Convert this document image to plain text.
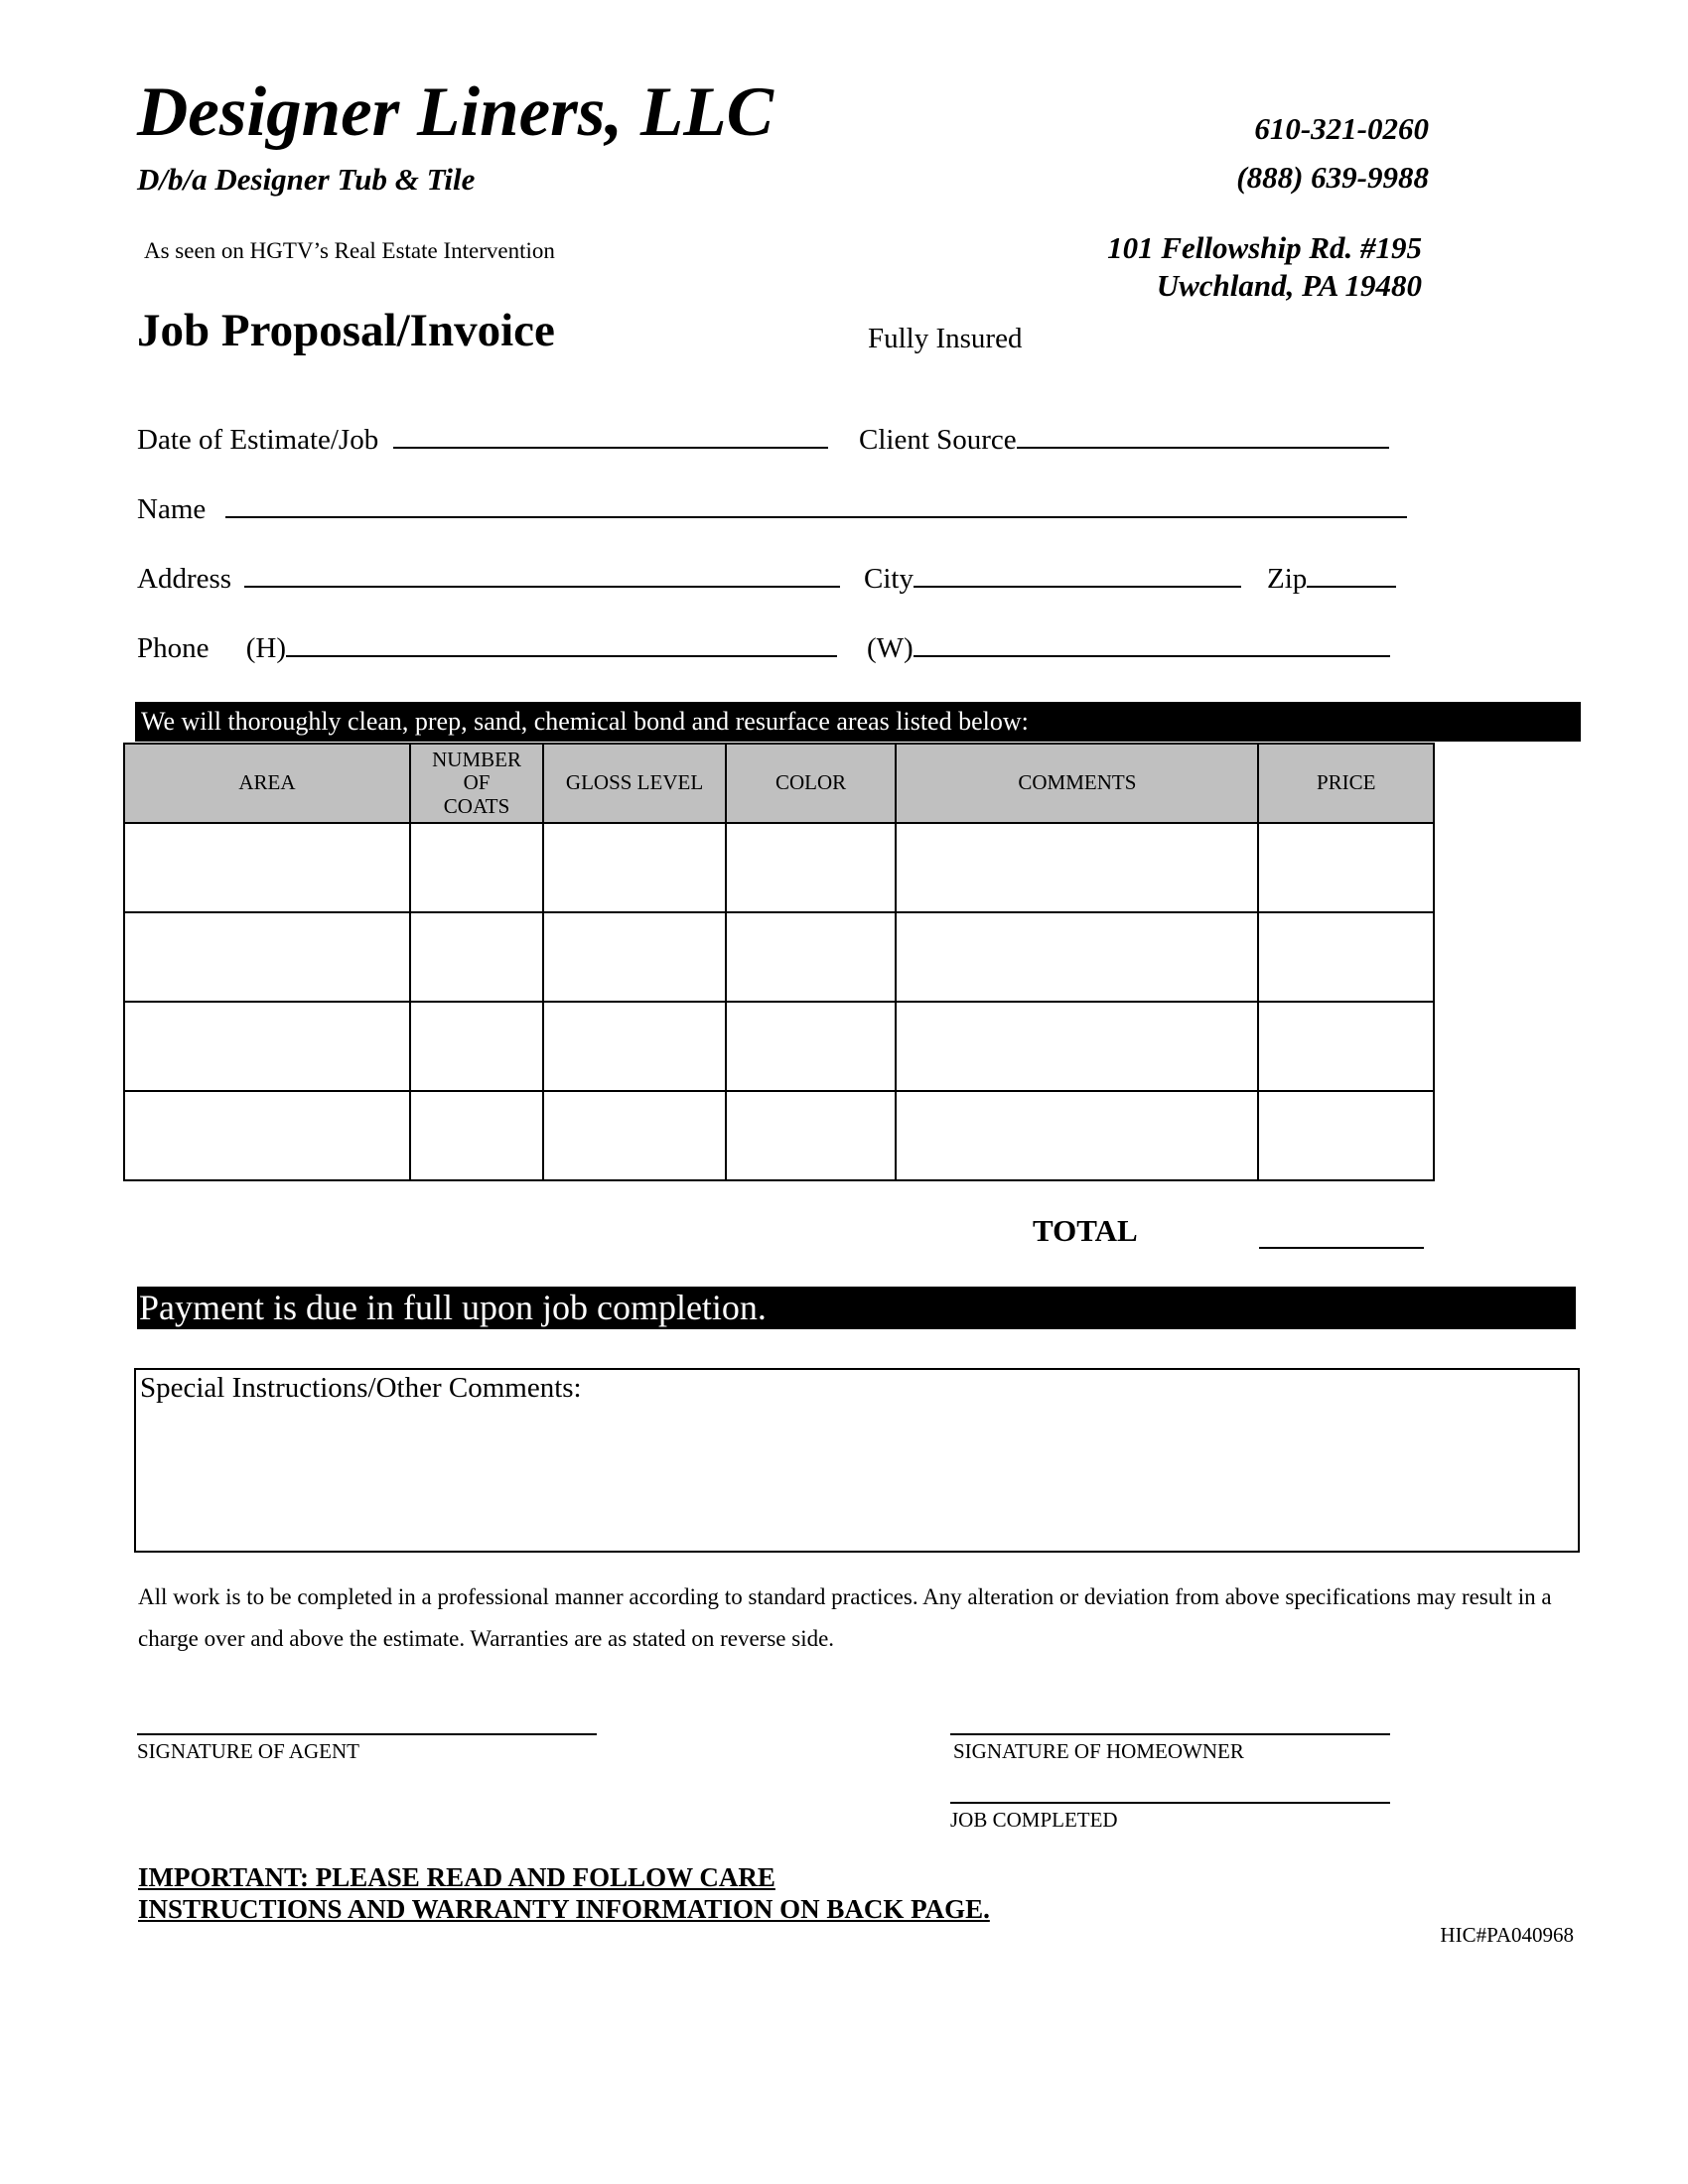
Designer Liners, LLC
D/b/a Designer Tub & Tile
610-321-0260
(888) 639-9988
As seen on HGTV’s Real Estate Intervention	101 Fellowship Rd. #195
Uwchland, PA 19480
Job Proposal/Invoice	Fully Insured
Date of Estimate/Job	Client Source
Name
Address	City	Zip
Phone (H)	(W)
We will thoroughly clean, prep, sand, chemical bond and resurface areas listed below:
AREA	NUMBER OF COATS	GLOSS LEVEL	COLOR	COMMENTS	PRICE

TOTAL
Payment is due in full upon job completion.
Special Instructions/Other Comments:
All work is to be completed in a professional manner according to standard practices. Any alteration or deviation from above specifications may result in a charge over and above the estimate. Warranties are as stated on reverse side.
SIGNATURE OF AGENT	SIGNATURE OF HOMEOWNER
JOB COMPLETED
IMPORTANT: PLEASE READ AND FOLLOW CARE
INSTRUCTIONS AND WARRANTY INFORMATION ON BACK PAGE.
HIC#PA040968
